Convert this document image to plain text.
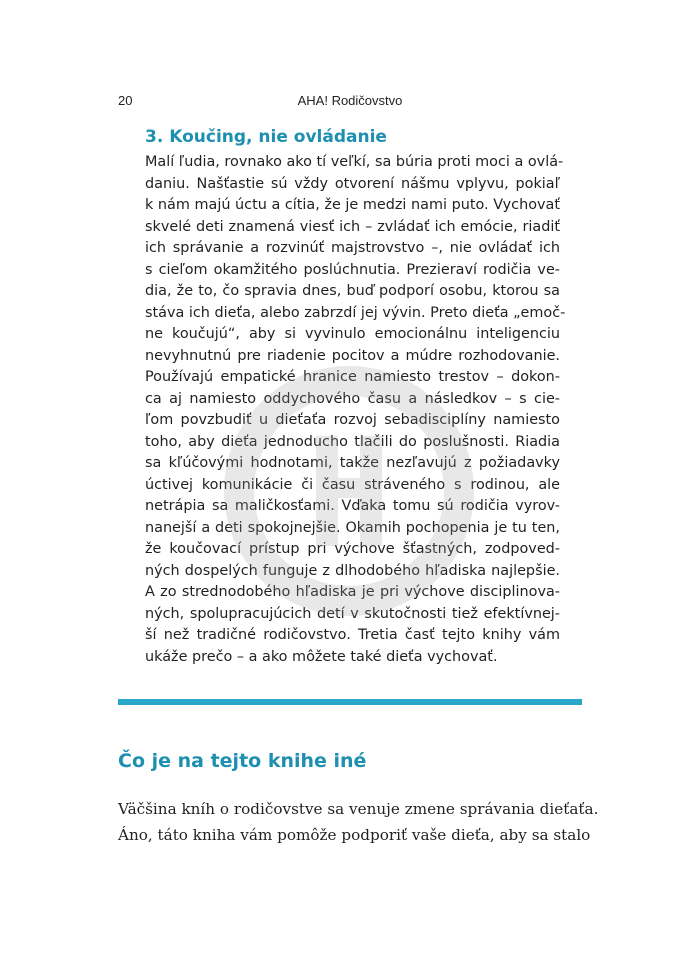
20	AHA! Rodičovstvo
3. Koučing, nie ovládanie

Malí ľudia, rovnako ako tí veľkí, sa búria proti moci a ovlá-
daniu. Našťastie sú vždy otvorení nášmu vplyvu, pokiaľ
k nám majú úctu a cítia, že je medzi nami puto. Vychovať
skvelé deti znamená viesť ich – zvládať ich emócie, riadiť
ich správanie a rozvinúť majstrovstvo –, nie ovládať ich
s cieľom okamžitého poslúchnutia. Prezieraví rodičia ve-
dia, že to, čo spravia dnes, buď podporí osobu, ktorou sa
stáva ich dieťa, alebo zabrzdí jej vývin. Preto dieťa „emoč-
ne koučujú“, aby si vyvinulo emocionálnu inteligenciu
nevyhnutnú pre riadenie pocitov a múdre rozhodovanie.
Používajú empatické hranice namiesto trestov – dokon-
ca aj namiesto oddychového času a následkov – s cie-
ľom povzbudiť u dieťaťa rozvoj sebadisciplíny namiesto
toho, aby dieťa jednoducho tlačili do poslušnosti. Riadia
sa kľúčovými hodnotami, takže nezľavujú z požiadavky
úctivej komunikácie či času stráveného s rodinou, ale
netrápia sa maličkosťami. Vďaka tomu sú rodičia vyrov-
nanejší a deti spokojnejšie. Okamih pochopenia je tu ten,
že koučovací prístup pri výchove šťastných, zodpoved-
ných dospelých funguje z dlhodobého hľadiska najlepšie.
A zo strednodobého hľadiska je pri výchove disciplinova-
ných, spolupracujúcich detí v skutočnosti tiež efektívnej-
ší než tradičné rodičovstvo. Tretia časť tejto knihy vám
ukáže prečo – a ako môžete také dieťa vychovať.

Čo je na tejto knihe iné

Väčšina kníh o rodičovstve sa venuje zmene správania dieťaťa.
Áno, táto kniha vám pomôže podporiť vaše dieťa, aby sa stalo
